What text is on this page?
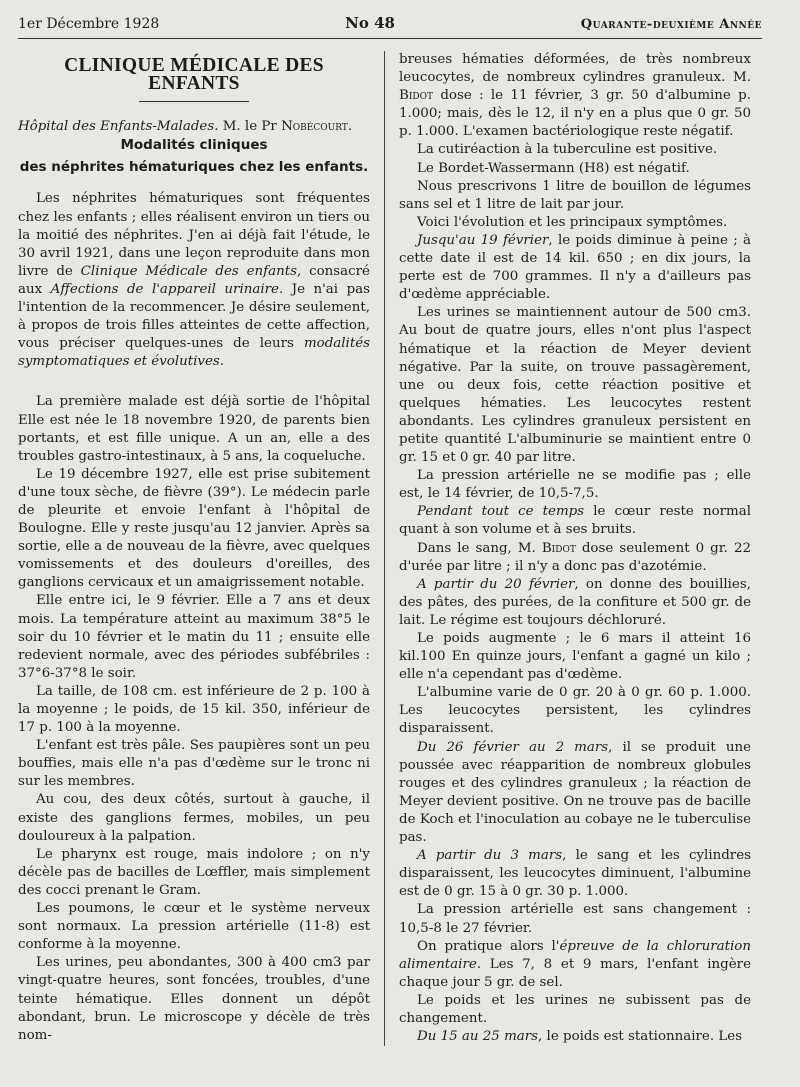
1er Décembre 1928	No 48	Quarante-deuxième Année
CLINIQUE MÉDICALE DES ENFANTS

Hôpital des Enfants-Malades. M. le Pr Nobécourt.

Modalités cliniques
des néphrites hématuriques chez les enfants.

Les néphrites hématuriques sont fréquentes chez les enfants ; elles réalisent environ un tiers ou la moitié des néphrites. J'en ai déjà fait l'étude, le 30 avril 1921, dans une leçon reproduite dans mon livre de Clinique Médicale des enfants, consacré aux Affections de l'appareil urinaire. Je n'ai pas l'intention de la recommencer. Je désire seulement, à propos de trois filles atteintes de cette affection, vous préciser quelques-unes de leurs modalités symptomatiques et évolutives.

La première malade est déjà sortie de l'hôpital Elle est née le 18 novembre 1920, de parents bien portants, et est fille unique. A un an, elle a des troubles gastro-intestinaux, à 5 ans, la coqueluche.

Le 19 décembre 1927, elle est prise subitement d'une toux sèche, de fièvre (39°). Le médecin parle de pleurite et envoie l'enfant à l'hôpital de Boulogne. Elle y reste jusqu'au 12 janvier. Après sa sortie, elle a de nouveau de la fièvre, avec quelques vomissements et des douleurs d'oreilles, des ganglions cervicaux et un amaigrissement notable.

Elle entre ici, le 9 février. Elle a 7 ans et deux mois. La température atteint au maximum 38°5 le soir du 10 février et le matin du 11 ; ensuite elle redevient normale, avec des périodes subfébriles : 37°6-37°8 le soir.

La taille, de 108 cm. est inférieure de 2 p. 100 à la moyenne ; le poids, de 15 kil. 350, inférieur de 17 p. 100 à la moyenne.

L'enfant est très pâle. Ses paupières sont un peu bouffies, mais elle n'a pas d'œdème sur le tronc ni sur les membres.

Au cou, des deux côtés, surtout à gauche, il existe des ganglions fermes, mobiles, un peu douloureux à la palpation.

Le pharynx est rouge, mais indolore ; on n'y décèle pas de bacilles de Lœffler, mais simplement des cocci prenant le Gram.

Les poumons, le cœur et le système nerveux sont normaux. La pression artérielle (11-8) est conforme à la moyenne.

Les urines, peu abondantes, 300 à 400 cm3 par vingt-quatre heures, sont foncées, troubles, d'une teinte hématique. Elles donnent un dépôt abondant, brun. Le microscope y décèle de très nom-

breuses hématies déformées, de très nombreux leucocytes, de nombreux cylindres granuleux. M. Bidot dose : le 11 février, 3 gr. 50 d'albumine p. 1.000; mais, dès le 12, il n'y en a plus que 0 gr. 50 p. 1.000. L'examen bactériologique reste négatif.

La cutiréaction à la tuberculine est positive.

Le Bordet-Wassermann (H8) est négatif.

Nous prescrivons 1 litre de bouillon de légumes sans sel et 1 litre de lait par jour.

Voici l'évolution et les principaux symptômes.

Jusqu'au 19 février, le poids diminue à peine ; à cette date il est de 14 kil. 650 ; en dix jours, la perte est de 700 grammes. Il n'y a d'ailleurs pas d'œdème appréciable.

Les urines se maintiennent autour de 500 cm3. Au bout de quatre jours, elles n'ont plus l'aspect hématique et la réaction de Meyer devient négative. Par la suite, on trouve passagèrement, une ou deux fois, cette réaction positive et quelques hématies. Les leucocytes restent abondants. Les cylindres granuleux persistent en petite quantité L'albuminurie se maintient entre 0 gr. 15 et 0 gr. 40 par litre.

La pression artérielle ne se modifie pas ; elle est, le 14 février, de 10,5-7,5.

Pendant tout ce temps le cœur reste normal quant à son volume et à ses bruits.

Dans le sang, M. Bidot dose seulement 0 gr. 22 d'urée par litre ; il n'y a donc pas d'azotémie.

A partir du 20 février, on donne des bouillies, des pâtes, des purées, de la confiture et 500 gr. de lait. Le régime est toujours déchloruré.

Le poids augmente ; le 6 mars il atteint 16 kil.100 En quinze jours, l'enfant a gagné un kilo ; elle n'a cependant pas d'œdème.

L'albumine varie de 0 gr. 20 à 0 gr. 60 p. 1.000. Les leucocytes persistent, les cylindres disparaissent.

Du 26 février au 2 mars, il se produit une poussée avec réapparition de nombreux globules rouges et des cylindres granuleux ; la réaction de Meyer devient positive. On ne trouve pas de bacille de Koch et l'inoculation au cobaye ne le tuberculise pas.

A partir du 3 mars, le sang et les cylindres disparaissent, les leucocytes diminuent, l'albumine est de 0 gr. 15 à 0 gr. 30 p. 1.000.

La pression artérielle est sans changement : 10,5-8 le 27 février.

On pratique alors l'épreuve de la chloruration alimentaire. Les 7, 8 et 9 mars, l'enfant ingère chaque jour 5 gr. de sel.

Le poids et les urines ne subissent pas de changement.

Du 15 au 25 mars, le poids est stationnaire. Les
